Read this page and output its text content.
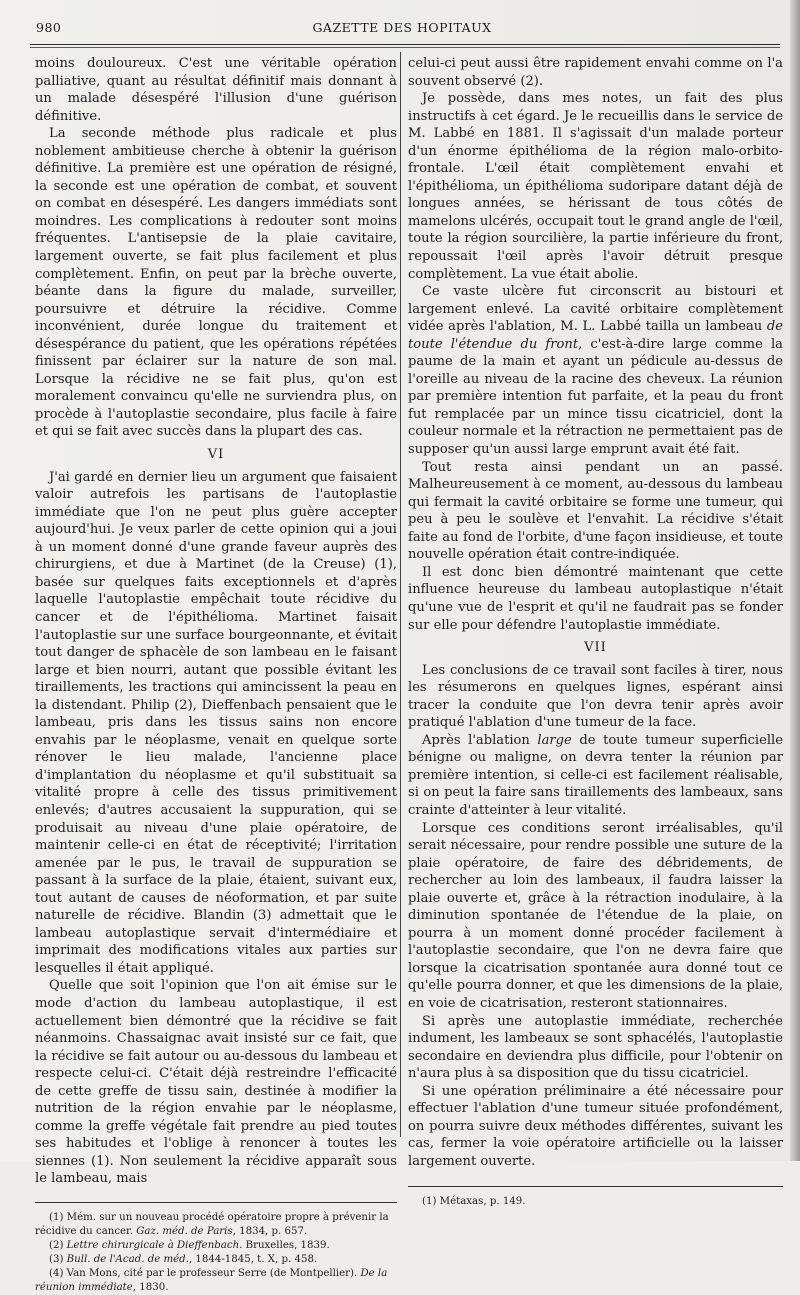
980	GAZETTE DES HOPITAUX

moins douloureux. C'est une véritable opération palliative, quant au résultat définitif mais donnant à un malade désespéré l'illusion d'une guérison définitive.

La seconde méthode plus radicale et plus noblement ambitieuse cherche à obtenir la guérison définitive. La première est une opération de résigné, la seconde est une opération de combat, et souvent on combat en désespéré. Les dangers immédiats sont moindres. Les complications à redouter sont moins fréquentes. L'antisepsie de la plaie cavitaire, largement ouverte, se fait plus facilement et plus complètement. Enfin, on peut par la brèche ouverte, béante dans la figure du malade, surveiller, poursuivre et détruire la récidive. Comme inconvénient, durée longue du traitement et désespérance du patient, que les opérations répétées finissent par éclairer sur la nature de son mal. Lorsque la récidive ne se fait plus, qu'on est moralement convaincu qu'elle ne surviendra plus, on procède à l'autoplastie secondaire, plus facile à faire et qui se fait avec succès dans la plupart des cas.

VI

J'ai gardé en dernier lieu un argument que faisaient valoir autrefois les partisans de l'autoplastie immédiate que l'on ne peut plus guère accepter aujourd'hui. Je veux parler de cette opinion qui a joui à un moment donné d'une grande faveur auprès des chirurgiens, et due à Martinet (de la Creuse) (1), basée sur quelques faits exceptionnels et d'après laquelle l'autoplastie empêchait toute récidive du cancer et de l'épithélioma. Martinet faisait l'autoplastie sur une surface bourgeonnante, et évitait tout danger de sphacèle de son lambeau en le faisant large et bien nourri, autant que possible évitant les tiraillements, les tractions qui amincissent la peau en la distendant. Philip (2), Dieffenbach pensaient que le lambeau, pris dans les tissus sains non encore envahis par le néoplasme, venait en quelque sorte rénover le lieu malade, l'ancienne place d'implantation du néoplasme et qu'il substituait sa vitalité propre à celle des tissus primitivement enlevés; d'autres accusaient la suppuration, qui se produisait au niveau d'une plaie opératoire, de maintenir celle-ci en état de réceptivité; l'irritation amenée par le pus, le travail de suppuration se passant à la surface de la plaie, étaient, suivant eux, tout autant de causes de néoformation, et par suite naturelle de récidive. Blandin (3) admettait que le lambeau autoplastique servait d'intermédiaire et imprimait des modifications vitales aux parties sur lesquelles il était appliqué.

Quelle que soit l'opinion que l'on ait émise sur le mode d'action du lambeau autoplastique, il est actuellement bien démontré que la récidive se fait néanmoins. Chassaignac avait insisté sur ce fait, que la récidive se fait autour ou au-dessous du lambeau et respecte celui-ci. C'était déjà restreindre l'efficacité de cette greffe de tissu sain, destinée à modifier la nutrition de la région envahie par le néoplasme, comme la greffe végétale fait prendre au pied toutes ses habitudes et l'oblige à renoncer à toutes les siennes (1). Non seulement la récidive apparaît sous le lambeau, mais

(1) Mém. sur un nouveau procédé opératoire propre à prévenir la récidive du cancer. Gaz. méd. de Paris, 1834, p. 657.

(2) Lettre chirurgicale à Dieffenbach. Bruxelles, 1839.

(3) Bull. de l'Acad. de méd., 1844-1845, t. X, p. 458.

(4) Van Mons, cité par le professeur Serre (de Montpellier). De la réunion immédiate, 1830.

celui-ci peut aussi être rapidement envahi comme on l'a souvent observé (2).

Je possède, dans mes notes, un fait des plus instructifs à cet égard. Je le recueillis dans le service de M. Labbé en 1881. Il s'agissait d'un malade porteur d'un énorme épithélioma de la région malo-orbito-frontale. L'œil était complètement envahi et l'épithélioma, un épithélioma sudoripare datant déjà de longues années, se hérissant de tous côtés de mamelons ulcérés, occupait tout le grand angle de l'œil, toute la région sourcilière, la partie inférieure du front, repoussait l'œil après l'avoir détruit presque complètement. La vue était abolie.

Ce vaste ulcère fut circonscrit au bistouri et largement enlevé. La cavité orbitaire complètement vidée après l'ablation, M. L. Labbé tailla un lambeau de toute l'étendue du front, c'est-à-dire large comme la paume de la main et ayant un pédicule au-dessus de l'oreille au niveau de la racine des cheveux. La réunion par première intention fut parfaite, et la peau du front fut remplacée par un mince tissu cicatriciel, dont la couleur normale et la rétraction ne permettaient pas de supposer qu'un aussi large emprunt avait été fait.

Tout resta ainsi pendant un an passé. Malheureusement à ce moment, au-dessous du lambeau qui fermait la cavité orbitaire se forme une tumeur, qui peu à peu le soulève et l'envahit. La récidive s'était faite au fond de l'orbite, d'une façon insidieuse, et toute nouvelle opération était contre-indiquée.

Il est donc bien démontré maintenant que cette influence heureuse du lambeau autoplastique n'était qu'une vue de l'esprit et qu'il ne faudrait pas se fonder sur elle pour défendre l'autoplastie immédiate.

VII

Les conclusions de ce travail sont faciles à tirer, nous les résumerons en quelques lignes, espérant ainsi tracer la conduite que l'on devra tenir après avoir pratiqué l'ablation d'une tumeur de la face.

Après l'ablation large de toute tumeur superficielle bénigne ou maligne, on devra tenter la réunion par première intention, si celle-ci est facilement réalisable, si on peut la faire sans tiraillements des lambeaux, sans crainte d'atteinter à leur vitalité.

Lorsque ces conditions seront irréalisables, qu'il serait nécessaire, pour rendre possible une suture de la plaie opératoire, de faire des débridements, de rechercher au loin des lambeaux, il faudra laisser la plaie ouverte et, grâce à la rétraction inodulaire, à la diminution spontanée de l'étendue de la plaie, on pourra à un moment donné procéder facilement à l'autoplastie secondaire, que l'on ne devra faire que lorsque la cicatrisation spontanée aura donné tout ce qu'elle pourra donner, et que les dimensions de la plaie, en voie de cicatrisation, resteront stationnaires.

Si après une autoplastie immédiate, recherchée indument, les lambeaux se sont sphacélés, l'autoplastie secondaire en deviendra plus difficile, pour l'obtenir on n'aura plus à sa disposition que du tissu cicatriciel.

Si une opération préliminaire a été nécessaire pour effectuer l'ablation d'une tumeur située profondément, on pourra suivre deux méthodes différentes, suivant les cas, fermer la voie opératoire artificielle ou la laisser largement ouverte.

(1) Métaxas, p. 149.
